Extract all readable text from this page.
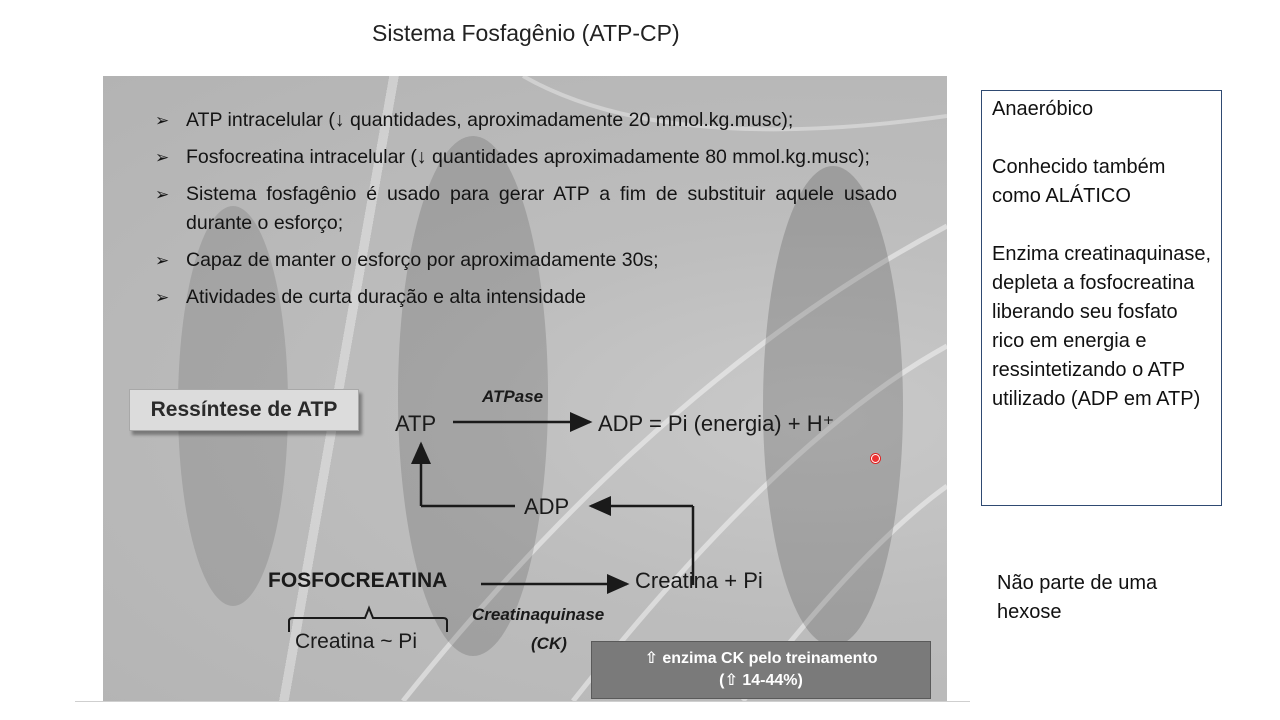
Sistema Fosfagênio (ATP-CP)
➢ ATP intracelular (↓ quantidades, aproximadamente 20 mmol.kg.musc);
➢ Fosfocreatina intracelular (↓ quantidades aproximadamente 80 mmol.kg.musc);
➢ Sistema fosfagênio é usado para gerar ATP a fim de substituir aquele usado durante o esforço;
➢ Capaz de manter o esforço por aproximadamente 30s;
➢ Atividades de curta duração e alta intensidade
Ressíntese de ATP
ATP
ATPase
ADP = Pi (energia) + H⁺
ADP
FOSFOCREATINA	Creatina + Pi
Creatinaquinase
(CK)
Creatina ~ Pi
⇧ enzima CK pelo treinamento
(⇧ 14-44%)

Anaeróbico

Conhecido também como ALÁTICO

Enzima creatinaquinase, depleta a fosfocreatina liberando seu fosfato rico em energia e ressintetizando o ATP utilizado (ADP em ATP)

Não parte de uma hexose
